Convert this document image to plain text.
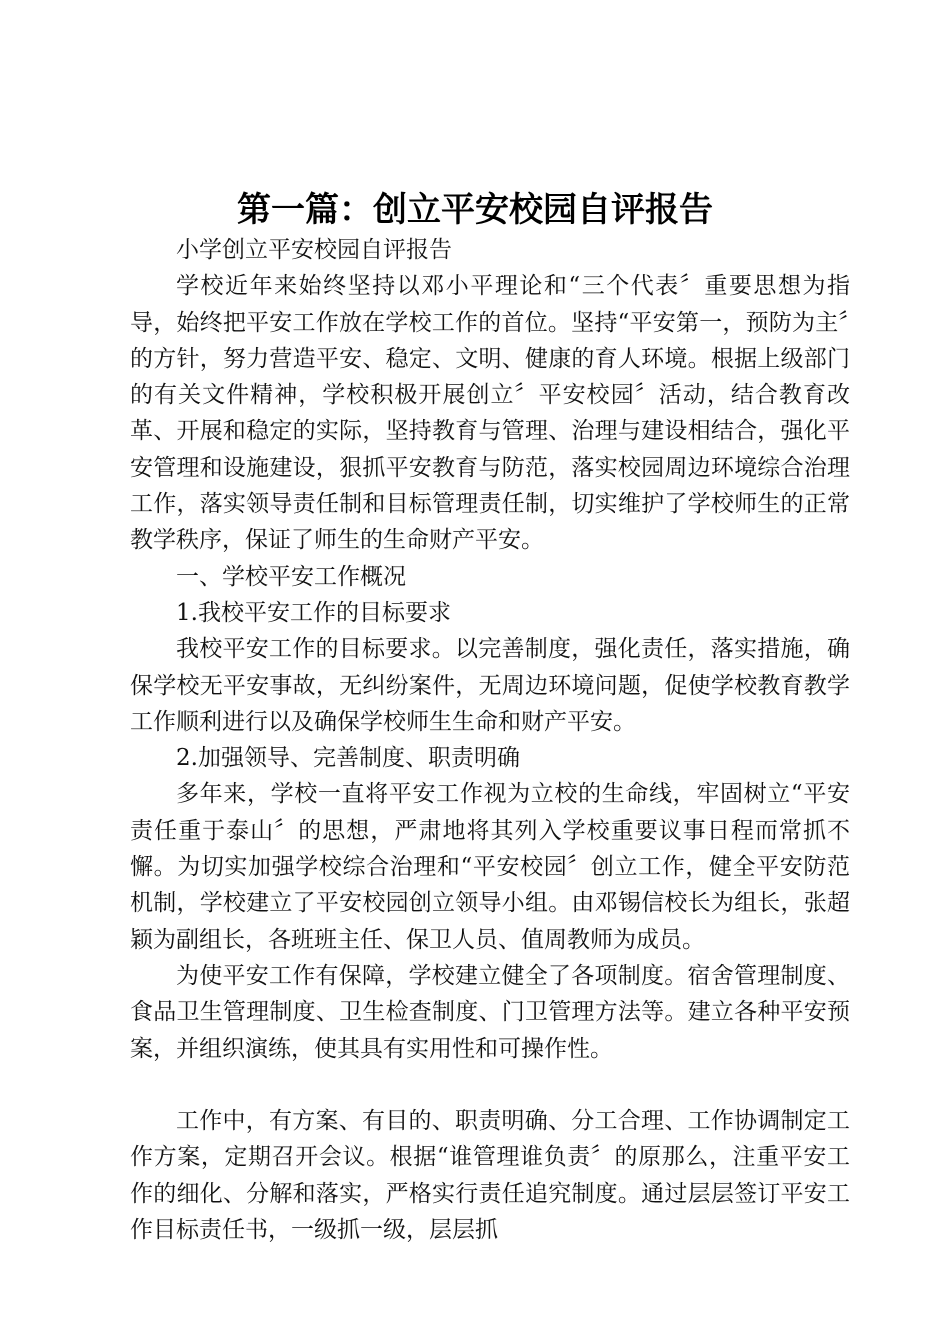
第一篇：创立平安校园自评报告

小学创立平安校园自评报告

学校近年来始终坚持以邓小平理论和“三个代表〞重要思想为指导，始终把平安工作放在学校工作的首位。坚持“平安第一，预防为主〞的方针，努力营造平安、稳定、文明、健康的育人环境。根据上级部门的有关文件精神，学校积极开展创立〞平安校园〞活动，结合教育改革、开展和稳定的实际，坚持教育与管理、治理与建设相结合，强化平安管理和设施建设，狠抓平安教育与防范，落实校园周边环境综合治理工作，落实领导责任制和目标管理责任制，切实维护了学校师生的正常教学秩序，保证了师生的生命财产平安。

一、学校平安工作概况

1.我校平安工作的目标要求

我校平安工作的目标要求。以完善制度，强化责任，落实措施，确保学校无平安事故，无纠纷案件，无周边环境问题，促使学校教育教学工作顺利进行以及确保学校师生生命和财产平安。

2.加强领导、完善制度、职责明确

多年来，学校一直将平安工作视为立校的生命线，牢固树立“平安责任重于泰山〞的思想，严肃地将其列入学校重要议事日程而常抓不懈。为切实加强学校综合治理和“平安校园〞创立工作，健全平安防范机制，学校建立了平安校园创立领导小组。由邓锡信校长为组长，张超颖为副组长，各班班主任、保卫人员、值周教师为成员。

为使平安工作有保障，学校建立健全了各项制度。宿舍管理制度、食品卫生管理制度、卫生检查制度、门卫管理方法等。建立各种平安预案，并组织演练，使其具有实用性和可操作性。

工作中，有方案、有目的、职责明确、分工合理、工作协调制定工作方案，定期召开会议。根据“谁管理谁负责〞的原那么，注重平安工作的细化、分解和落实，严格实行责任追究制度。通过层层签订平安工作目标责任书，一级抓一级，层层抓
